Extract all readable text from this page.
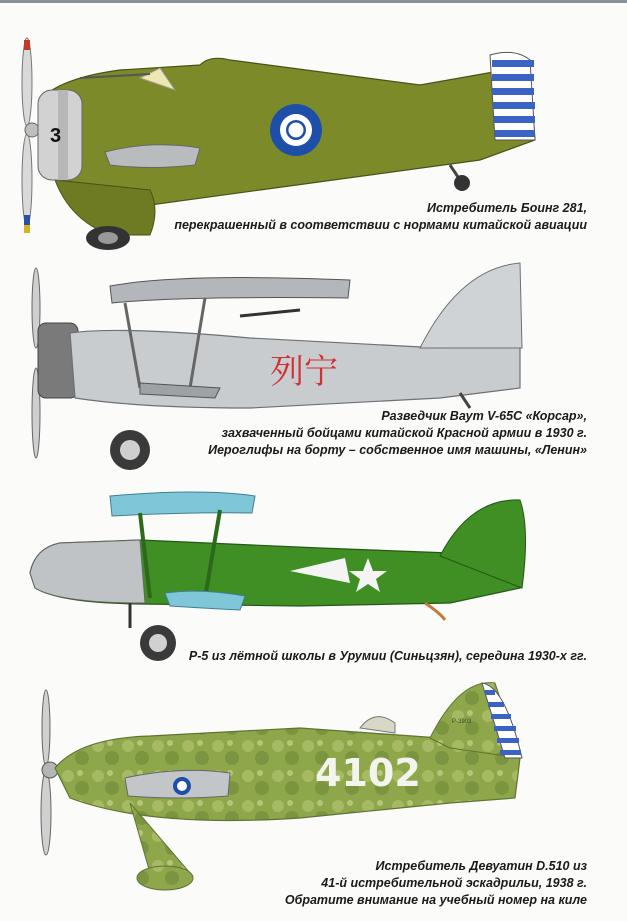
3
Истребитель Боинг 281,
перекрашенный в соответствии с нормами китайской авиации
列宁
Разведчик Ваут V-65C «Корсар»,
захваченный бойцами китайской Красной армии в 1930 г.
Иероглифы на борту – собственное имя машины, «Ленин»
Р-5 из лётной школы в Урумии (Синьцзян), середина 1930-х гг.
P-3903
4102
Истребитель Девуатин D.510 из
41-й истребительной эскадрильи, 1938 г.
Обратите внимание на учебный номер на киле
